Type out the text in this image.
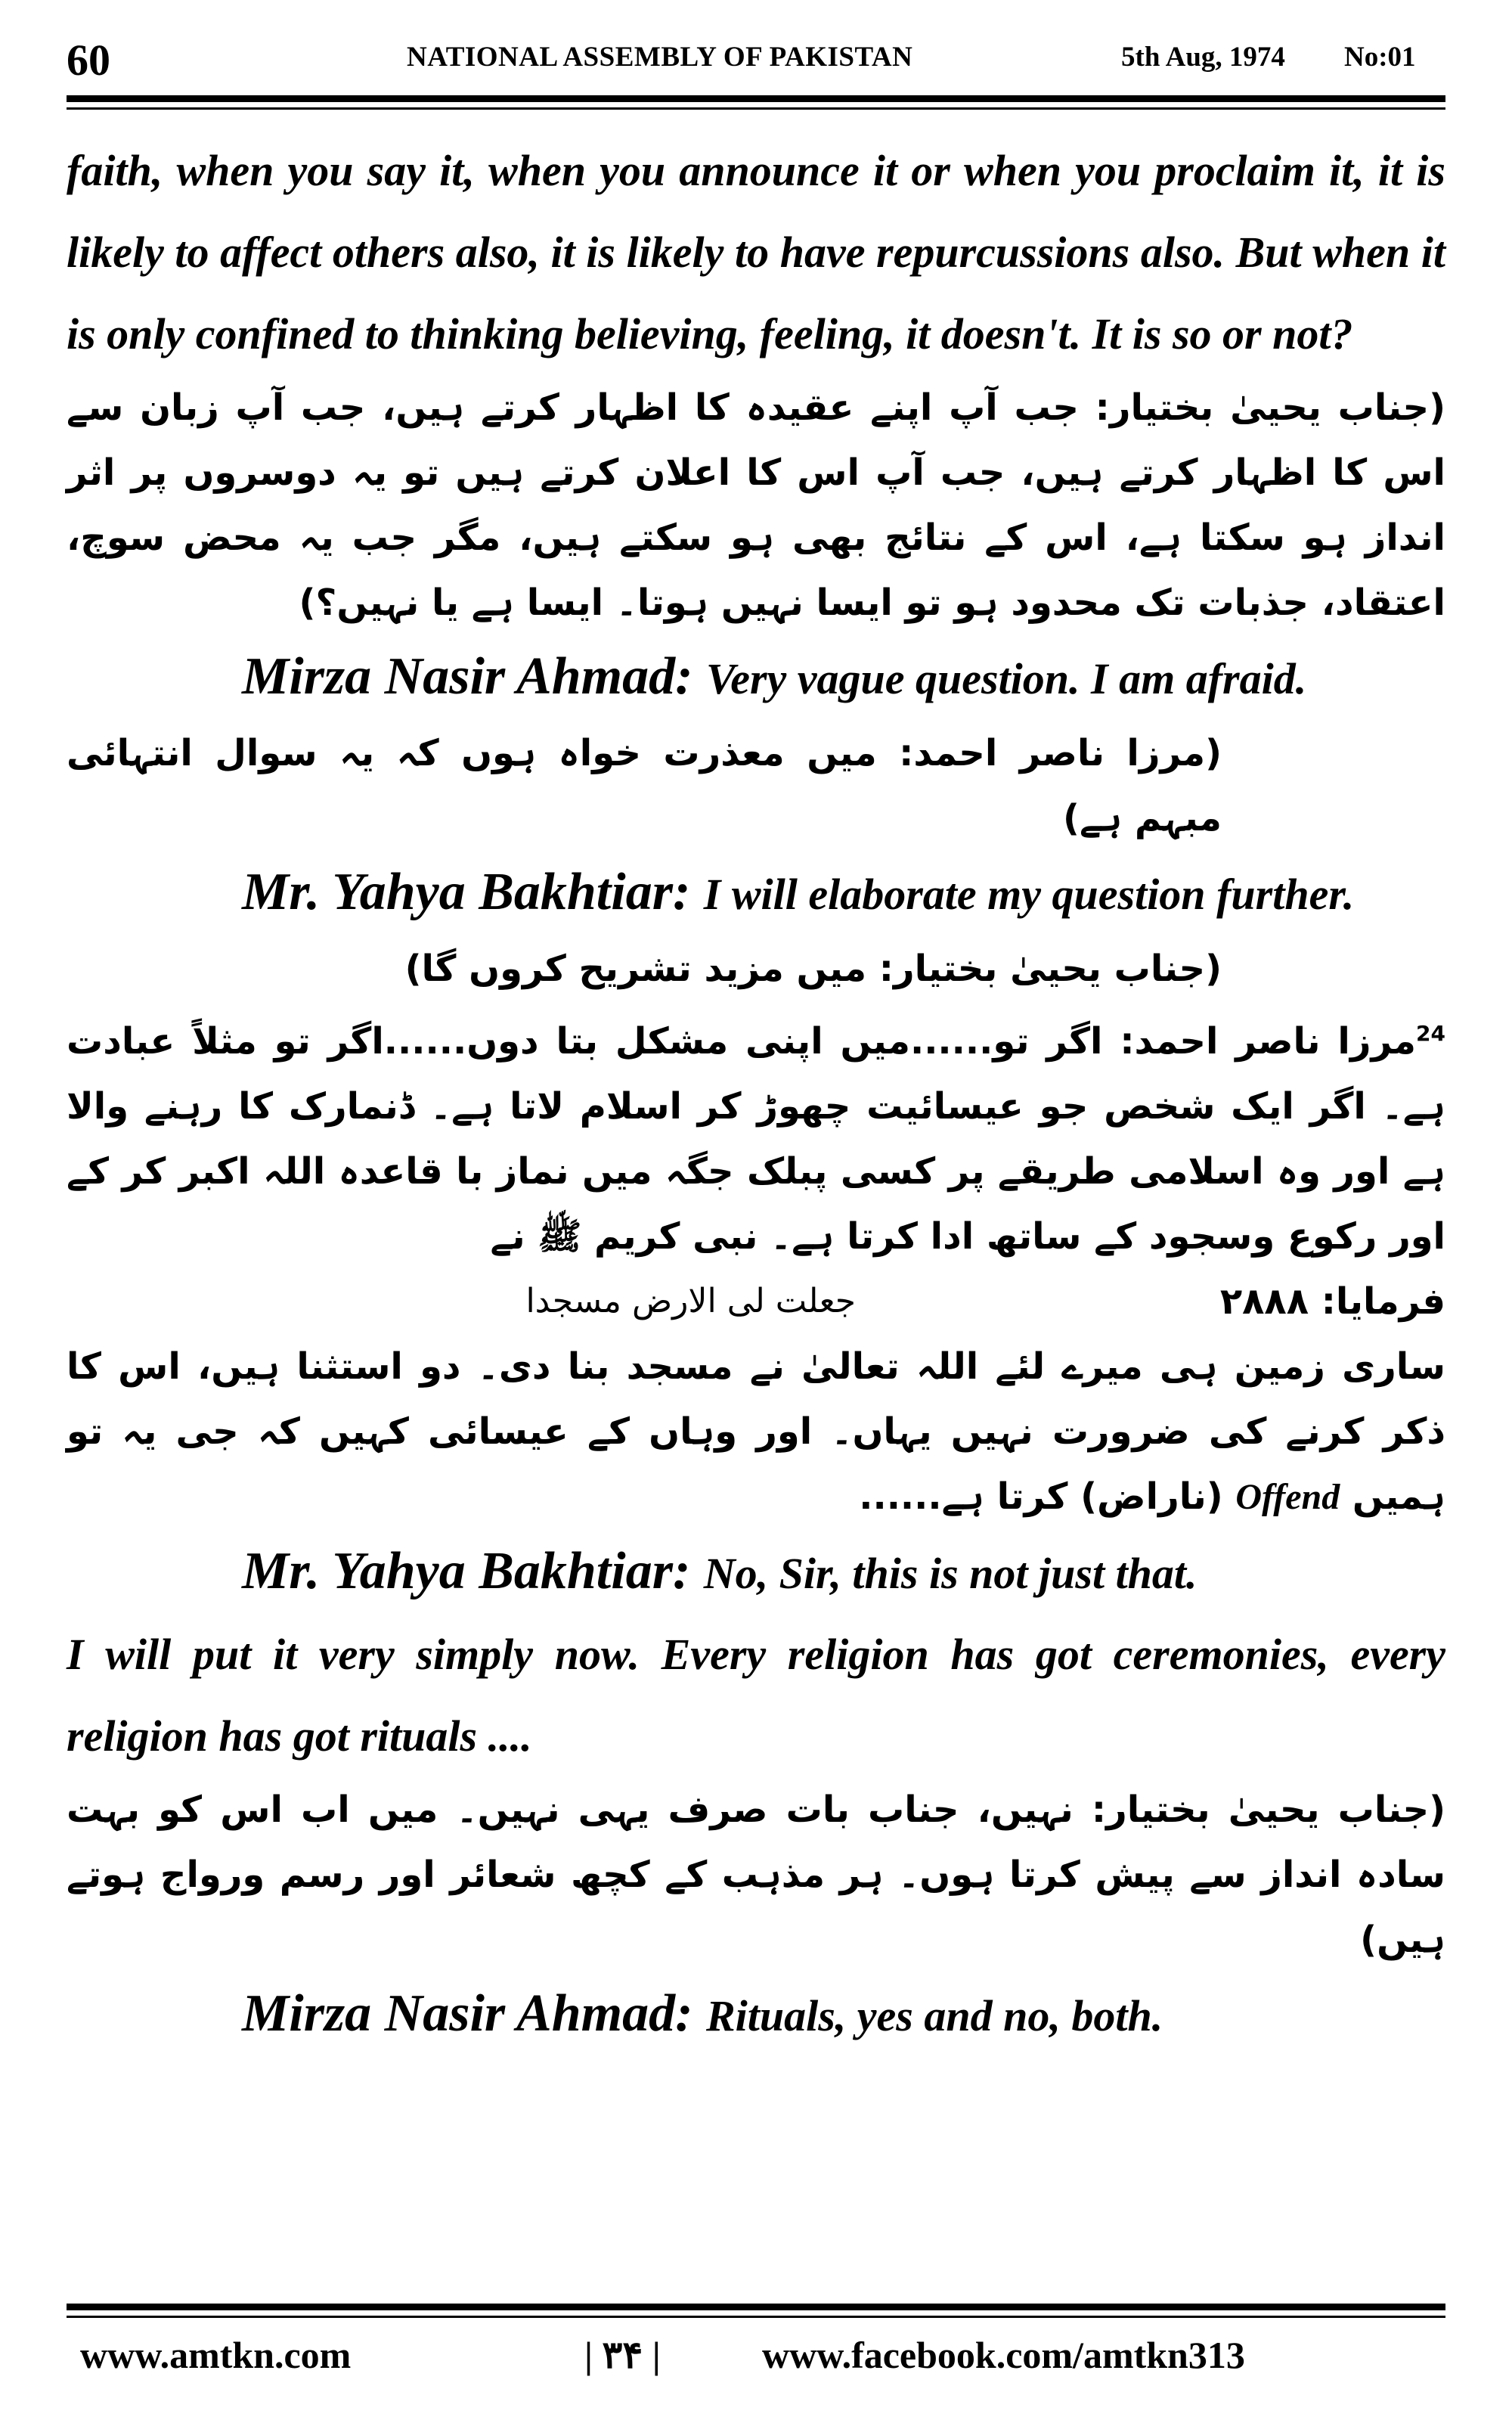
60	NATIONAL ASSEMBLY OF PAKISTAN	5th Aug, 1974 No:01

faith, when you say it, when you announce it or when you proclaim it, it is likely to affect others also, it is likely to have repurcussions also. But when it is only confined to thinking believing, feeling, it doesn't. It is so or not?

(جناب یحییٰ بختیار: جب آپ اپنے عقیدہ کا اظہار کرتے ہیں، جب آپ زبان سے اس کا اظہار کرتے ہیں، جب آپ اس کا اعلان کرتے ہیں تو یہ دوسروں پر اثر انداز ہو سکتا ہے، اس کے نتائج بھی ہو سکتے ہیں، مگر جب یہ محض سوچ، اعتقاد، جذبات تک محدود ہو تو ایسا نہیں ہوتا۔ ایسا ہے یا نہیں؟)

Mirza Nasir Ahmad: Very vague question. I am afraid.

(مرزا ناصر احمد: میں معذرت خواہ ہوں کہ یہ سوال انتہائی مبہم ہے)

Mr. Yahya Bakhtiar: I will elaborate my question further.

(جناب یحییٰ بختیار: میں مزید تشریح کروں گا)

$^{24}$مرزا ناصر احمد: اگر تو......میں اپنی مشکل بتا دوں......اگر تو مثلاً عبادت ہے۔ اگر ایک شخص جو عیسائیت چھوڑ کر اسلام لاتا ہے۔ ڈنمارک کا رہنے والا ہے اور وہ اسلامی طریقے پر کسی پبلک جگہ میں نماز با قاعدہ اللہ اکبر کر کے اور رکوع وسجود کے ساتھ ادا کرتا ہے۔ نبی کریم ﷺ نے

فرمایا: ۲۸۸۸
جعلت لی الارض مسجدا

ساری زمین ہی میرے لئے اللہ تعالیٰ نے مسجد بنا دی۔ دو استثنا ہیں، اس کا ذکر کرنے کی ضرورت نہیں یہاں۔ اور وہاں کے عیسائی کہیں کہ جی یہ تو ہمیں Offend (ناراض) کرتا ہے......

Mr. Yahya Bakhtiar: No, Sir, this is not just that.

I will put it very simply now. Every religion has got ceremonies, every religion has got rituals ....

(جناب یحییٰ بختیار: نہیں، جناب بات صرف یہی نہیں۔ میں اب اس کو بہت سادہ انداز سے پیش کرتا ہوں۔ ہر مذہب کے کچھ شعائر اور رسم ورواج ہوتے ہیں)

Mirza Nasir Ahmad: Rituals, yes and no, both.

www.amtkn.com	| ۳۴ |	www.facebook.com/amtkn313
